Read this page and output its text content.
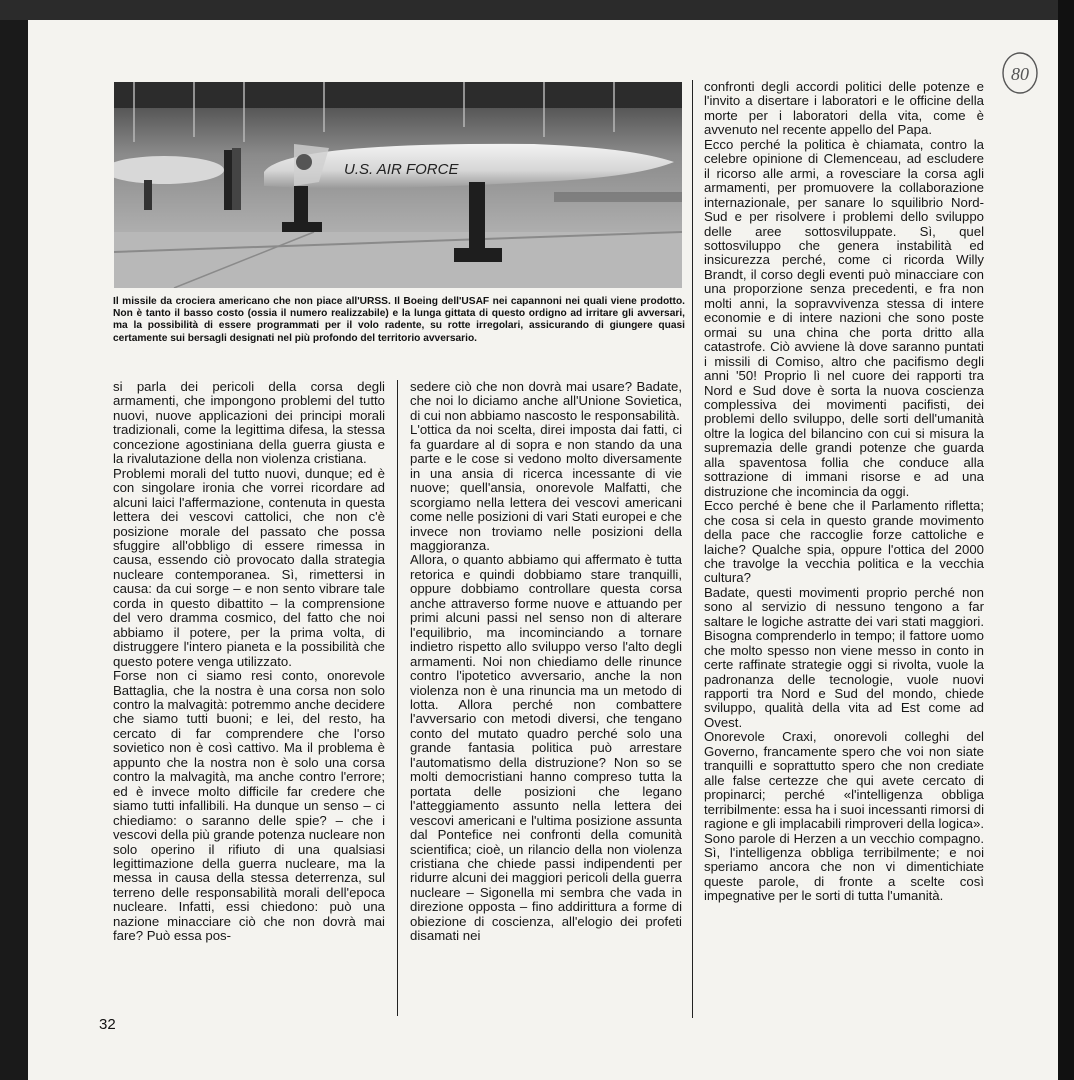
U.S. AIR FORCE

Il missile da crociera americano che non piace all'URSS. Il Boeing dell'USAF nei capannoni nei quali viene prodotto. Non è tanto il basso costo (ossia il numero realizzabile) e la lunga gittata di questo ordigno ad irritare gli avversari, ma la possibilità di essere programmati per il volo radente, su rotte irregolari, assicurando di giungere quasi certamente sui bersagli designati nel più profondo del territorio avversario.

si parla dei pericoli della corsa degli armamenti, che impongono problemi del tutto nuovi, nuove applicazioni dei principi morali tradizionali, come la legittima difesa, la stessa concezione agostiniana della guerra giusta e la rivalutazione della non violenza cristiana.

Problemi morali del tutto nuovi, dunque; ed è con singolare ironia che vorrei ricordare ad alcuni laici l'affermazione, contenuta in questa lettera dei vescovi cattolici, che non c'è posizione morale del passato che possa sfuggire all'obbligo di essere rimessa in causa, essendo ciò provocato dalla strategia nucleare contemporanea. Sì, rimettersi in causa: da cui sorge – e non sento vibrare tale corda in questo dibattito – la comprensione del vero dramma cosmico, del fatto che noi abbiamo il potere, per la prima volta, di distruggere l'intero pianeta e la possibilità che questo potere venga utilizzato.

Forse non ci siamo resi conto, onorevole Battaglia, che la nostra è una corsa non solo contro la malvagità: potremmo anche decidere che siamo tutti buoni; e lei, del resto, ha cercato di far comprendere che l'orso sovietico non è così cattivo. Ma il problema è appunto che la nostra non è solo una corsa contro la malvagità, ma anche contro l'errore; ed è invece molto difficile far credere che siamo tutti infallibili. Ha dunque un senso – ci chiediamo: o saranno delle spie? – che i vescovi della più grande potenza nucleare non solo operino il rifiuto di una qualsiasi legittimazione della guerra nucleare, ma la messa in causa della stessa deterrenza, sul terreno delle responsabilità morali dell'epoca nucleare. Infatti, essi chiedono: può una nazione minacciare ciò che non dovrà mai fare? Può essa pos-

sedere ciò che non dovrà mai usare? Badate, che noi lo diciamo anche all'Unione Sovietica, di cui non abbiamo nascosto le responsabilità.

L'ottica da noi scelta, direi imposta dai fatti, ci fa guardare al di sopra e non stando da una parte e le cose si vedono molto diversamente in una ansia di ricerca incessante di vie nuove; quell'ansia, onorevole Malfatti, che scorgiamo nella lettera dei vescovi americani come nelle posizioni di vari Stati europei e che invece non troviamo nelle posizioni della maggioranza.

Allora, o quanto abbiamo qui affermato è tutta retorica e quindi dobbiamo stare tranquilli, oppure dobbiamo controllare questa corsa anche attraverso forme nuove e attuando per primi alcuni passi nel senso non di alterare l'equilibrio, ma incominciando a tornare indietro rispetto allo sviluppo verso l'alto degli armamenti. Noi non chiediamo delle rinunce contro l'ipotetico avversario, anche la non violenza non è una rinuncia ma un metodo di lotta. Allora perché non combattere l'avversario con metodi diversi, che tengano conto del mutato quadro perché solo una grande fantasia politica può arrestare l'automatismo della distruzione? Non so se molti democristiani hanno compreso tutta la portata delle posizioni che legano l'atteggiamento assunto nella lettera dei vescovi americani e l'ultima posizione assunta dal Pontefice nei confronti della comunità scientifica; cioè, un rilancio della non violenza cristiana che chiede passi indipendenti per ridurre alcuni dei maggiori pericoli della guerra nucleare – Sigonella mi sembra che vada in direzione opposta – fino addirittura a forme di obiezione di coscienza, all'elogio dei profeti disamati nei

confronti degli accordi politici delle potenze e l'invito a disertare i laboratori e le officine della morte per i laboratori della vita, come è avvenuto nel recente appello del Papa.

Ecco perché la politica è chiamata, contro la celebre opinione di Clemenceau, ad escludere il ricorso alle armi, a rovesciare la corsa agli armamenti, per promuovere la collaborazione internazionale, per sanare lo squilibrio Nord-Sud e per risolvere i problemi dello sviluppo delle aree sottosviluppate. Sì, quel sottosviluppo che genera instabilità ed insicurezza perché, come ci ricorda Willy Brandt, il corso degli eventi può minacciare con una proporzione senza precedenti, e fra non molti anni, la sopravvivenza stessa di intere economie e di intere nazioni che sono poste ormai su una china che porta dritto alla catastrofe. Ciò avviene là dove saranno puntati i missili di Comiso, altro che pacifismo degli anni '50! Proprio lì nel cuore dei rapporti tra Nord e Sud dove è sorta la nuova coscienza complessiva dei movimenti pacifisti, dei problemi dello sviluppo, delle sorti dell'umanità oltre la logica del bilancino con cui si misura la supremazia delle grandi potenze che guarda alla spaventosa follia che conduce alla sottrazione di immani risorse e ad una distruzione che incomincia da oggi.

Ecco perché è bene che il Parlamento rifletta; che cosa si cela in questo grande movimento della pace che raccoglie forze cattoliche e laiche? Qualche spia, oppure l'ottica del 2000 che travolge la vecchia politica e la vecchia cultura?

Badate, questi movimenti proprio perché non sono al servizio di nessuno tengono a far saltare le logiche astratte dei vari stati maggiori. Bisogna comprenderlo in tempo; il fattore uomo che molto spesso non viene messo in conto in certe raffinate strategie oggi si rivolta, vuole la padronanza delle tecnologie, vuole nuovi rapporti tra Nord e Sud del mondo, chiede sviluppo, qualità della vita ad Est come ad Ovest.

Onorevole Craxi, onorevoli colleghi del Governo, francamente spero che voi non siate tranquilli e soprattutto spero che non crediate alle false certezze che qui avete cercato di propinarci; perché «l'intelligenza obbliga terribilmente: essa ha i suoi incessanti rimorsi di ragione e gli implacabili rimproveri della logica». Sono parole di Herzen a un vecchio compagno. Sì, l'intelligenza obbliga terribilmente; e noi speriamo ancora che non vi dimentichiate queste parole, di fronte a scelte così impegnative per le sorti di tutta l'umanità.

32
80
